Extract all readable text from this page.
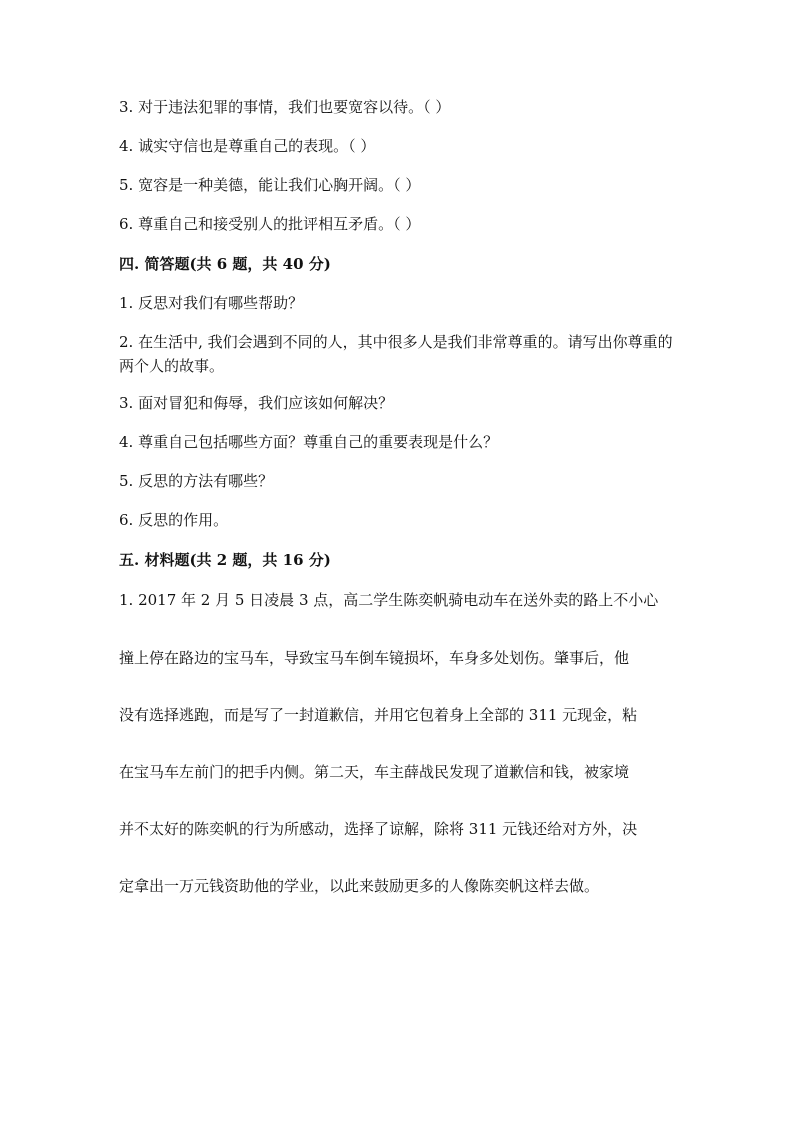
3. 对于违法犯罪的事情，我们也要宽容以待。（ ）
4. 诚实守信也是尊重自己的表现。（ ）
5. 宽容是一种美德，能让我们心胸开阔。（ ）
6. 尊重自己和接受别人的批评相互矛盾。（ ）
四. 简答题(共 6 题，共 40 分)
1. 反思对我们有哪些帮助？
2. 在生活中, 我们会遇到不同的人，其中很多人是我们非常尊重的。请写出你尊重的两个人的故事。
3. 面对冒犯和侮辱，我们应该如何解决？
4. 尊重自己包括哪些方面？尊重自己的重要表现是什么？
5. 反思的方法有哪些？
6. 反思的作用。
五. 材料题(共 2 题，共 16 分)
1. 2017 年 2 月 5 日凌晨 3 点，高二学生陈奕帆骑电动车在送外卖的路上不小心
撞上停在路边的宝马车，导致宝马车倒车镜损坏，车身多处划伤。肇事后，他
没有选择逃跑，而是写了一封道歉信，并用它包着身上全部的 311 元现金，粘
在宝马车左前门的把手内侧。第二天，车主薛战民发现了道歉信和钱，被家境
并不太好的陈奕帆的行为所感动，选择了谅解，除将 311 元钱还给对方外，决
定拿出一万元钱资助他的学业，以此来鼓励更多的人像陈奕帆这样去做。
